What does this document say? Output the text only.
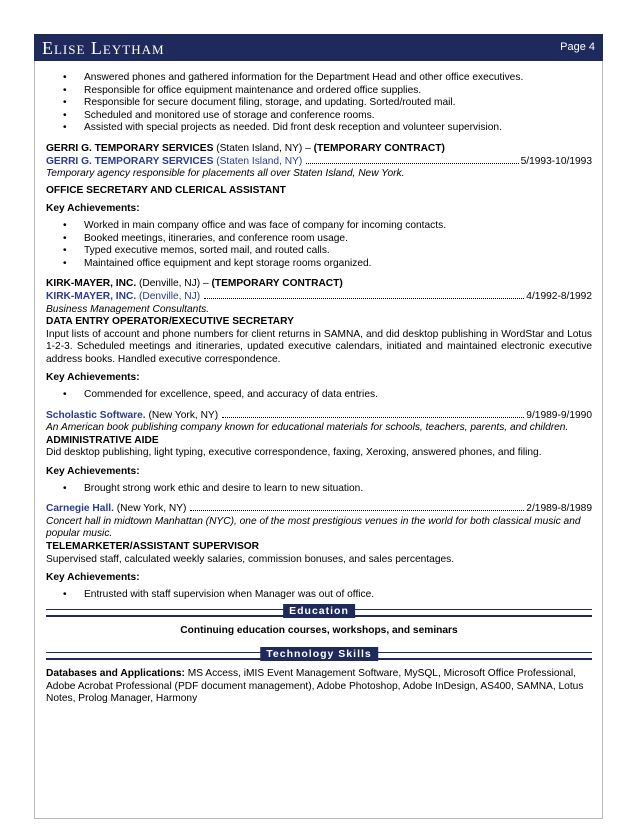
Elise Leytham	Page 4
• Answered phones and gathered information for the Department Head and other office executives.
• Responsible for office equipment maintenance and ordered office supplies.
• Responsible for secure document filing, storage, and updating. Sorted/routed mail.
• Scheduled and monitored use of storage and conference rooms.
• Assisted with special projects as needed. Did front desk reception and volunteer supervision.
GERRI G. TEMPORARY SERVICES (Staten Island, NY) – (TEMPORARY CONTRACT)
GERRI G. TEMPORARY SERVICES (Staten Island, NY)	5/1993-10/1993
Temporary agency responsible for placements all over Staten Island, New York.
OFFICE SECRETARY AND CLERICAL ASSISTANT
Key Achievements:
• Worked in main company office and was face of company for incoming contacts.
• Booked meetings, itineraries, and conference room usage.
• Typed executive memos, sorted mail, and routed calls.
• Maintained office equipment and kept storage rooms organized.
KIRK-MAYER, INC. (Denville, NJ) – (TEMPORARY CONTRACT)
KIRK-MAYER, INC. (Denville, NJ)	4/1992-8/1992
Business Management Consultants.
DATA ENTRY OPERATOR/EXECUTIVE SECRETARY
Input lists of account and phone numbers for client returns in SAMNA, and did desktop publishing in WordStar and Lotus 1-2-3. Scheduled meetings and itineraries, updated executive calendars, initiated and maintained electronic executive address books. Handled executive correspondence.
Key Achievements:
• Commended for excellence, speed, and accuracy of data entries.
Scholastic Software. (New York, NY)	9/1989-9/1990
An American book publishing company known for educational materials for schools, teachers, parents, and children.
ADMINISTRATIVE AIDE
Did desktop publishing, light typing, executive correspondence, faxing, Xeroxing, answered phones, and filing.
Key Achievements:
• Brought strong work ethic and desire to learn to new situation.
Carnegie Hall. (New York, NY)	2/1989-8/1989
Concert hall in midtown Manhattan (NYC), one of the most prestigious venues in the world for both classical music and popular music.
TELEMARKETER/ASSISTANT SUPERVISOR
Supervised staff, calculated weekly salaries, commission bonuses, and sales percentages.
Key Achievements:
• Entrusted with staff supervision when Manager was out of office.
Education
Continuing education courses, workshops, and seminars
Technology Skills
Databases and Applications: MS Access, iMIS Event Management Software, MySQL, Microsoft Office Professional, Adobe Acrobat Professional (PDF document management), Adobe Photoshop, Adobe InDesign, AS400, SAMNA, Lotus Notes, Prolog Manager, Harmony
